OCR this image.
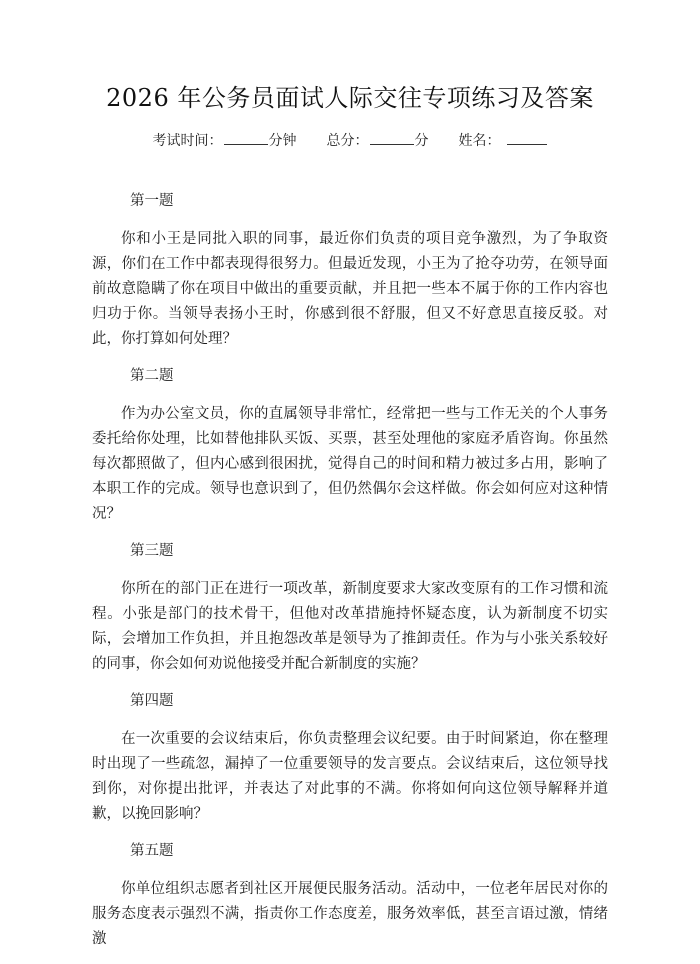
2026 年公务员面试人际交往专项练习及答案
考试时间：	分钟 总分：	分 姓名：

第一题

你和小王是同批入职的同事，最近你们负责的项目竞争激烈，为了争取资源，你们在工作中都表现得很努力。但最近发现，小王为了抢夺功劳，在领导面前故意隐瞒了你在项目中做出的重要贡献，并且把一些本不属于你的工作内容也归功于你。当领导表扬小王时，你感到很不舒服，但又不好意思直接反驳。对此，你打算如何处理？

第二题

作为办公室文员，你的直属领导非常忙，经常把一些与工作无关的个人事务委托给你处理，比如替他排队买饭、买票，甚至处理他的家庭矛盾咨询。你虽然每次都照做了，但内心感到很困扰，觉得自己的时间和精力被过多占用，影响了本职工作的完成。领导也意识到了，但仍然偶尔会这样做。你会如何应对这种情况？

第三题

你所在的部门正在进行一项改革，新制度要求大家改变原有的工作习惯和流程。小张是部门的技术骨干，但他对改革措施持怀疑态度，认为新制度不切实际，会增加工作负担，并且抱怨改革是领导为了推卸责任。作为与小张关系较好的同事，你会如何劝说他接受并配合新制度的实施？

第四题

在一次重要的会议结束后，你负责整理会议纪要。由于时间紧迫，你在整理时出现了一些疏忽，漏掉了一位重要领导的发言要点。会议结束后，这位领导找到你，对你提出批评，并表达了对此事的不满。你将如何向这位领导解释并道歉，以挽回影响？

第五题

你单位组织志愿者到社区开展便民服务活动。活动中，一位老年居民对你的服务态度表示强烈不满，指责你工作态度差，服务效率低，甚至言语过激，情绪激
